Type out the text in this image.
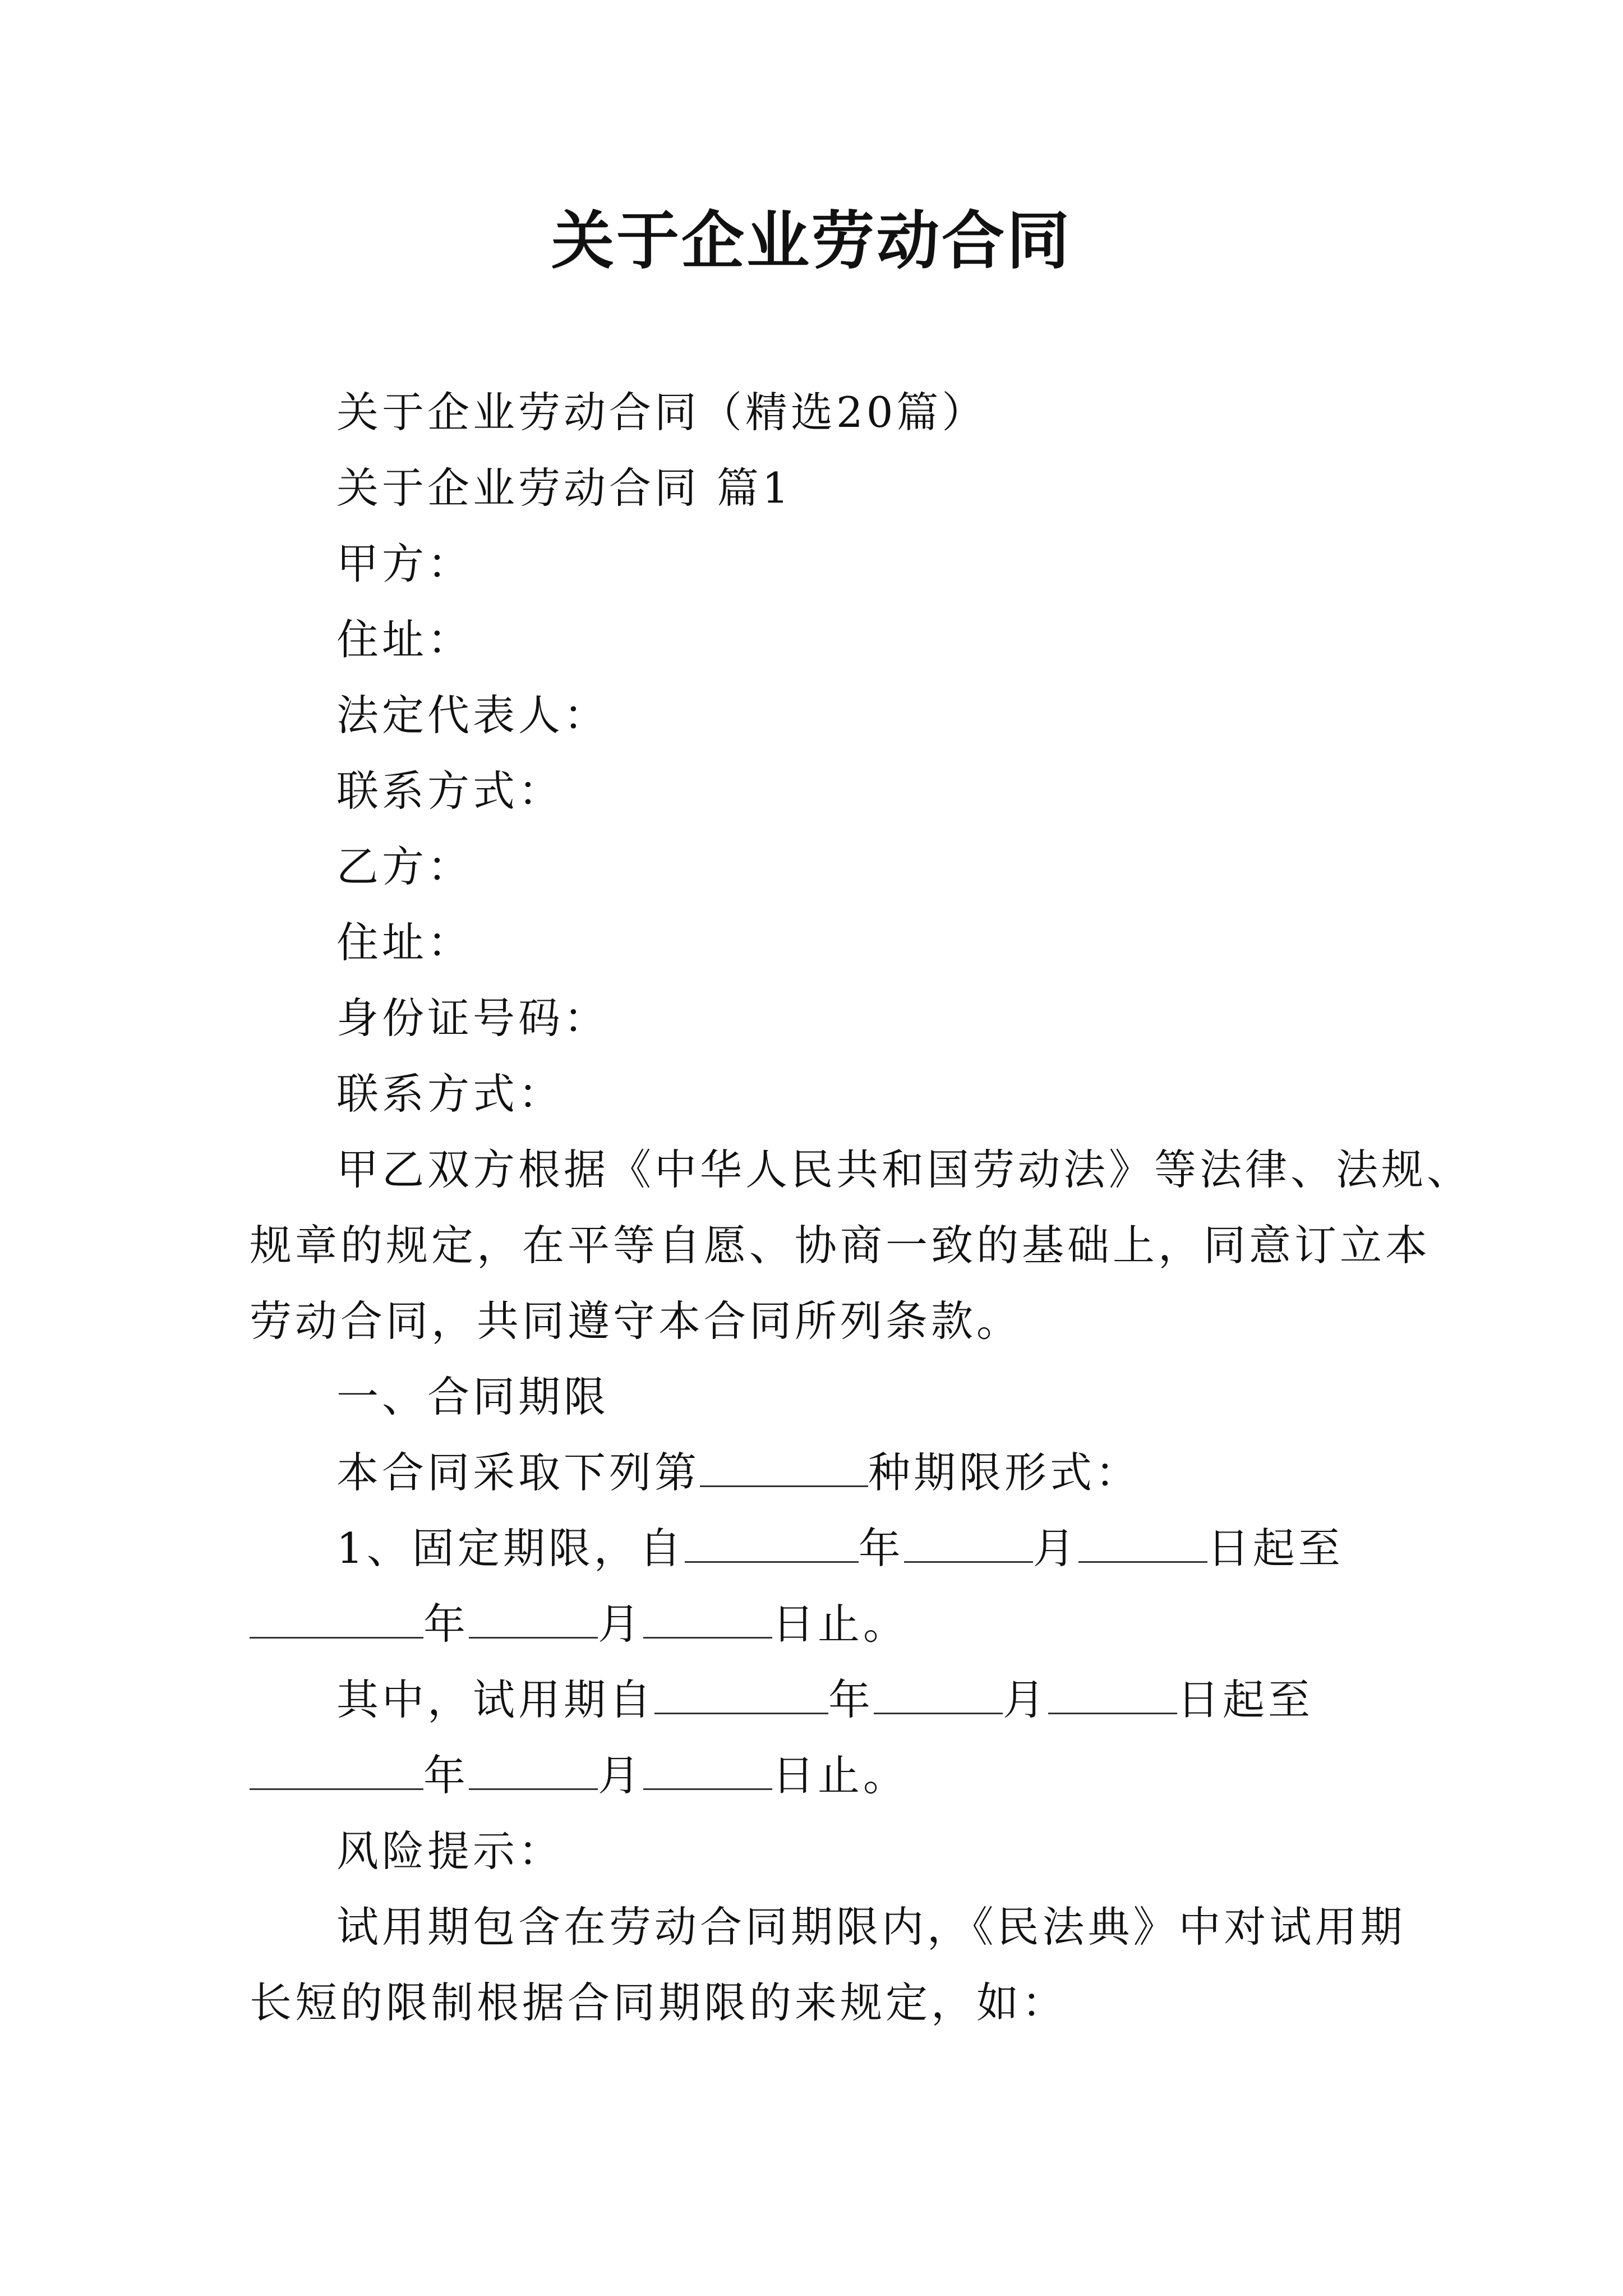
关于企业劳动合同
关于企业劳动合同（精选20篇）
关于企业劳动合同 篇1
甲方：
住址：
法定代表人：
联系方式：
乙方：
住址：
身份证号码：
联系方式：
甲乙双方根据《中华人民共和国劳动法》等法律、法规、
规章的规定，在平等自愿、协商一致的基础上，同意订立本
劳动合同，共同遵守本合同所列条款。
一、合同期限
本合同采取下列第	种期限形式：
1、固定期限，自	年	月	日起至
年	月	日止。
其中，试用期自	年	月	日起至
年	月	日止。
风险提示：
试用期包含在劳动合同期限内，《民法典》中对试用期
长短的限制根据合同期限的来规定，如：
